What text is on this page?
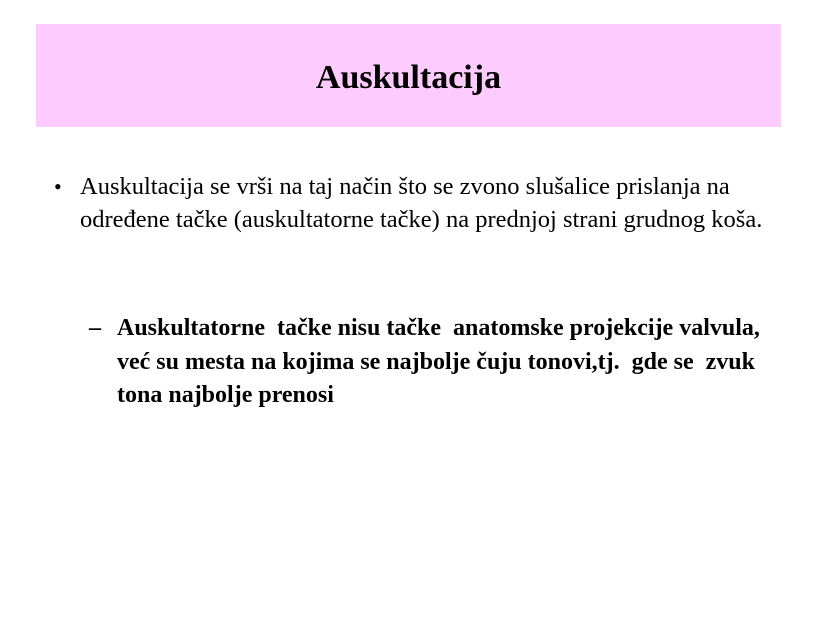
Auskultacija
• Auskultacija se vrši na taj način što se zvono slušalice prislanja na određene tačke (auskultatorne tačke) na prednjoj strani grudnog koša.
– Auskultatorne  tačke nisu tačke  anatomske projekcije valvula, već su mesta na kojima se najbolje čuju tonovi,tj.  gde se  zvuk tona najbolje prenosi
